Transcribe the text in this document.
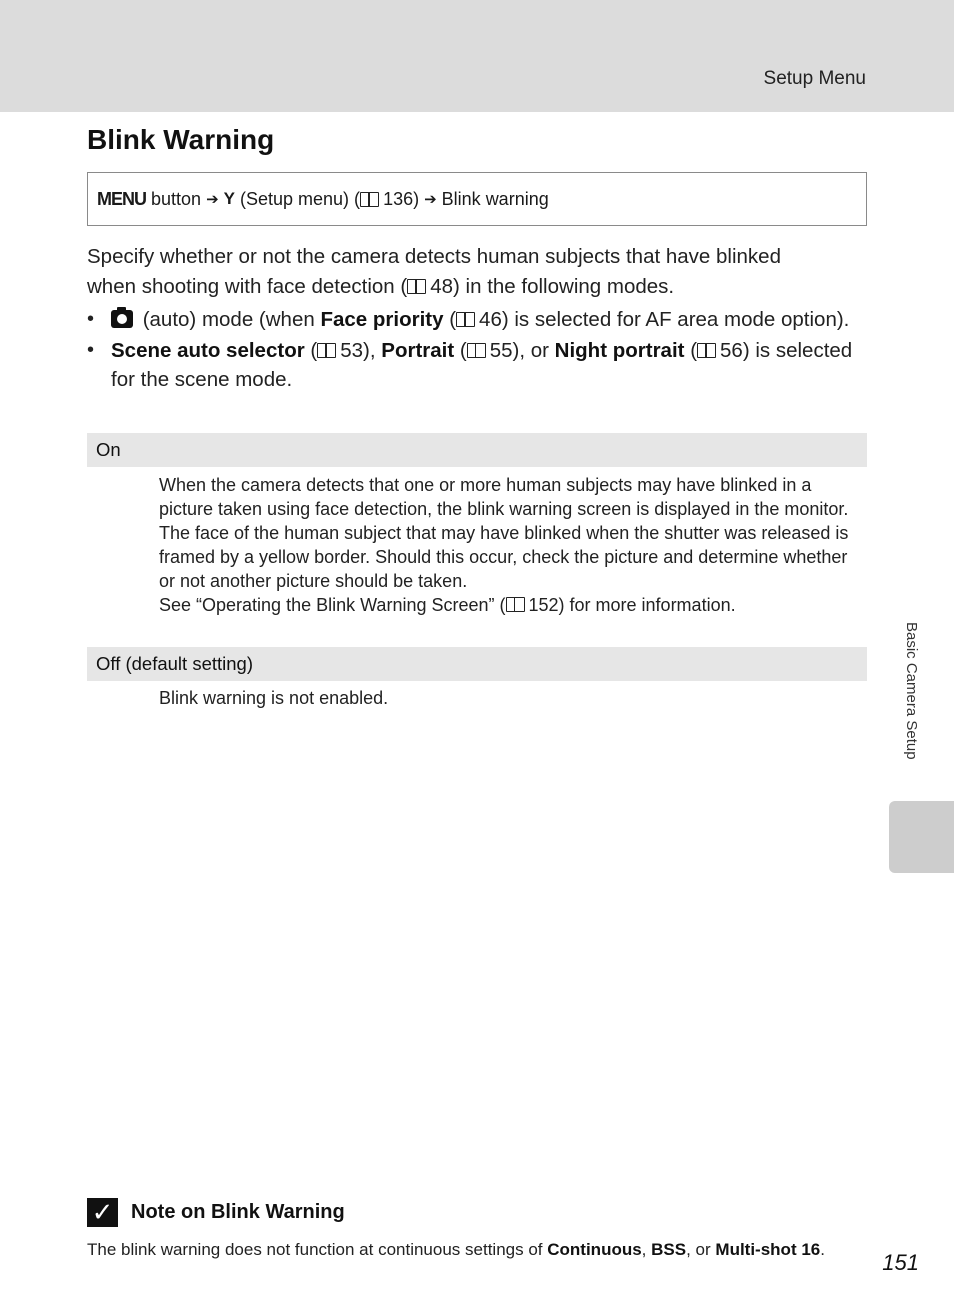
Setup Menu
Blink Warning
MENU
button ➔ Y
(Setup menu) ( 136) ➔ Blink warning
Specify whether or not the camera detects human subjects that have blinked
when shooting with face detection ( 48) in the following modes.
• (auto) mode (when Face priority ( 46) is selected for AF area mode option).
• Scene auto selector ( 53), Portrait ( 55), or Night portrait ( 56) is selected for the scene mode.
On
When the camera detects that one or more human subjects may have blinked in a picture taken using face detection, the blink warning screen is displayed in the monitor.
The face of the human subject that may have blinked when the shutter was released is framed by a yellow border. Should this occur, check the picture and determine whether or not another picture should be taken.
See “Operating the Blink Warning Screen” ( 152) for more information.
Off (default setting)
Blink warning is not enabled.	Basic Camera Setup
✓ Note on Blink Warning
The blink warning does not function at continuous settings of Continuous, BSS, or Multi-shot 16.
151
